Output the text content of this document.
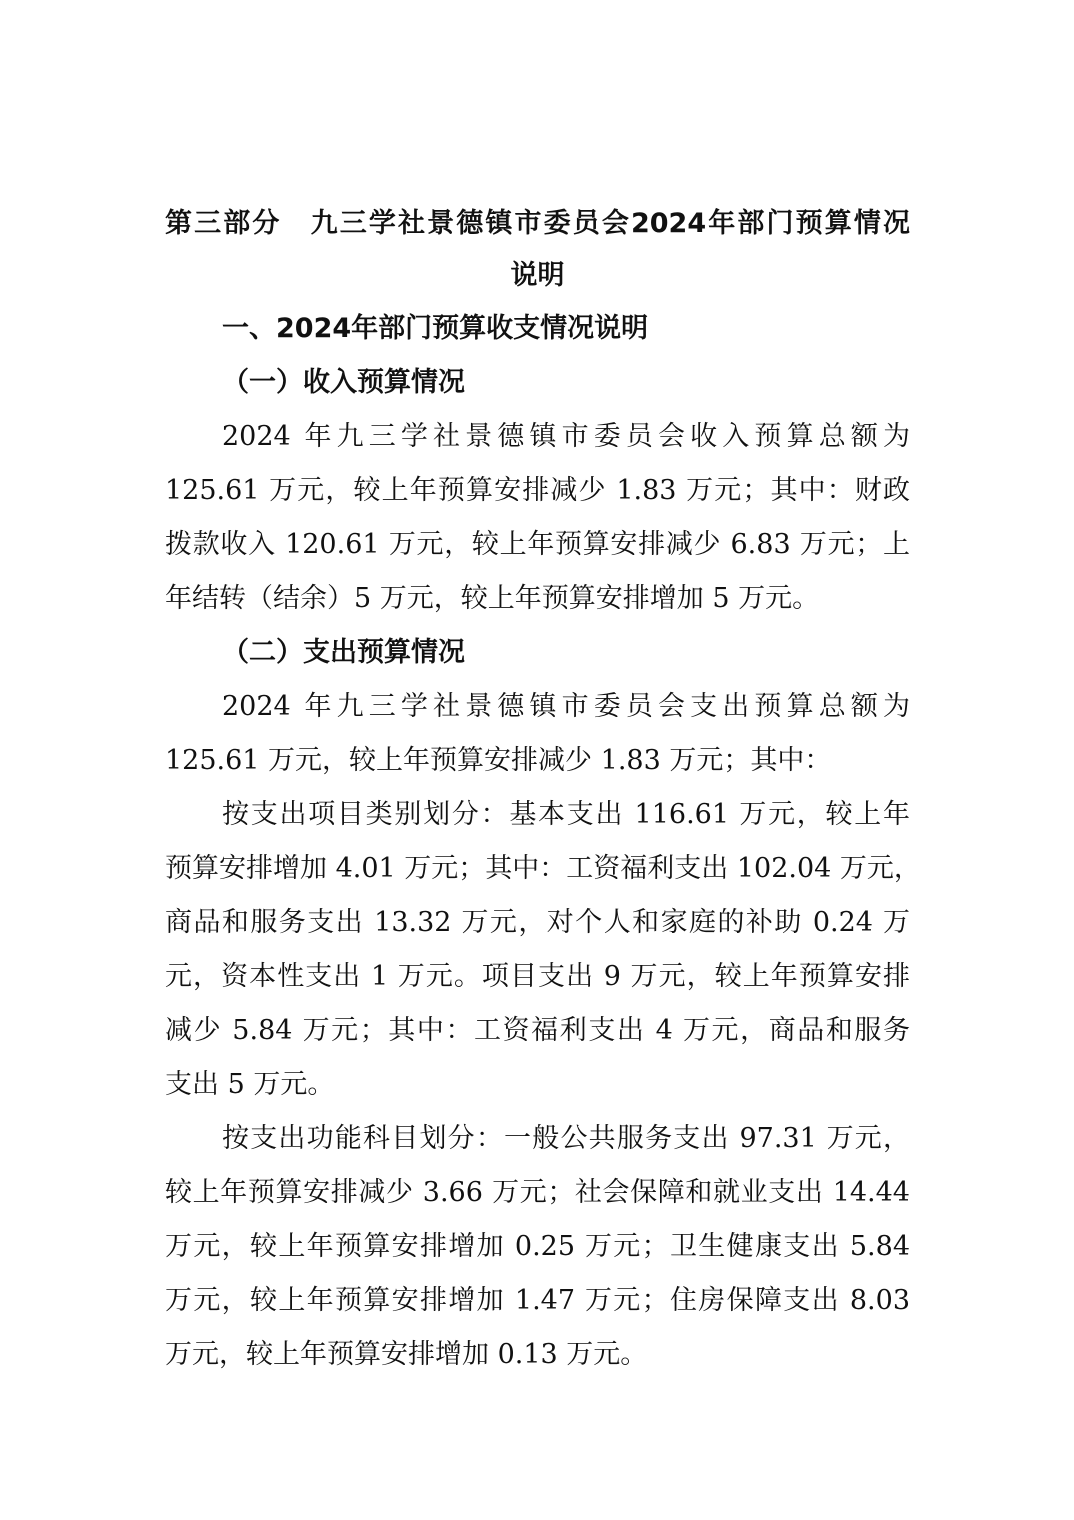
第三部分　九三学社景德镇市委员会2024年部门预算情况
说明
一、2024年部门预算收支情况说明
（一）收入预算情况
2024 年九三学社景德镇市委员会收入预算总额为
125.61 万元，较上年预算安排减少 1.83 万元；其中：财政
拨款收入 120.61 万元，较上年预算安排减少 6.83 万元；上
年结转（结余）5 万元，较上年预算安排增加 5 万元。
（二）支出预算情况
2024 年九三学社景德镇市委员会支出预算总额为
125.61 万元，较上年预算安排减少 1.83 万元；其中：
按支出项目类别划分：基本支出 116.61 万元，较上年
预算安排增加 4.01 万元；其中：工资福利支出 102.04 万元，
商品和服务支出 13.32 万元，对个人和家庭的补助 0.24 万
元，资本性支出 1 万元。项目支出 9 万元，较上年预算安排
减少 5.84 万元；其中：工资福利支出 4 万元，商品和服务
支出 5 万元。
按支出功能科目划分：一般公共服务支出 97.31 万元，
较上年预算安排减少 3.66 万元；社会保障和就业支出 14.44
万元，较上年预算安排增加 0.25 万元；卫生健康支出 5.84
万元，较上年预算安排增加 1.47 万元；住房保障支出 8.03
万元，较上年预算安排增加 0.13 万元。
